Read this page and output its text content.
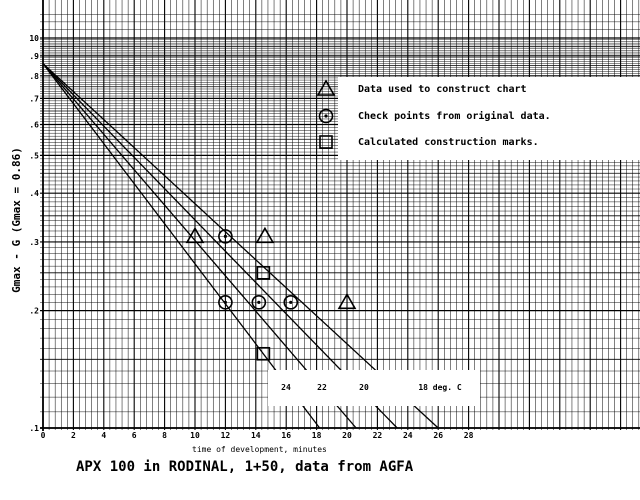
0	2	4	6	8	10	12	14	16	18	20	22	24	26	28
10
.9
.8
.7
.6
.5
.4
.3
.2
.1
Data used to construct chart
Check points from original data.
Calculated construction marks.
24	22	20	18 deg. C
time of development, minutes
Gmax - G (Gmax = 0.86)
APX 100 in RODINAL, 1+50, data from AGFA
